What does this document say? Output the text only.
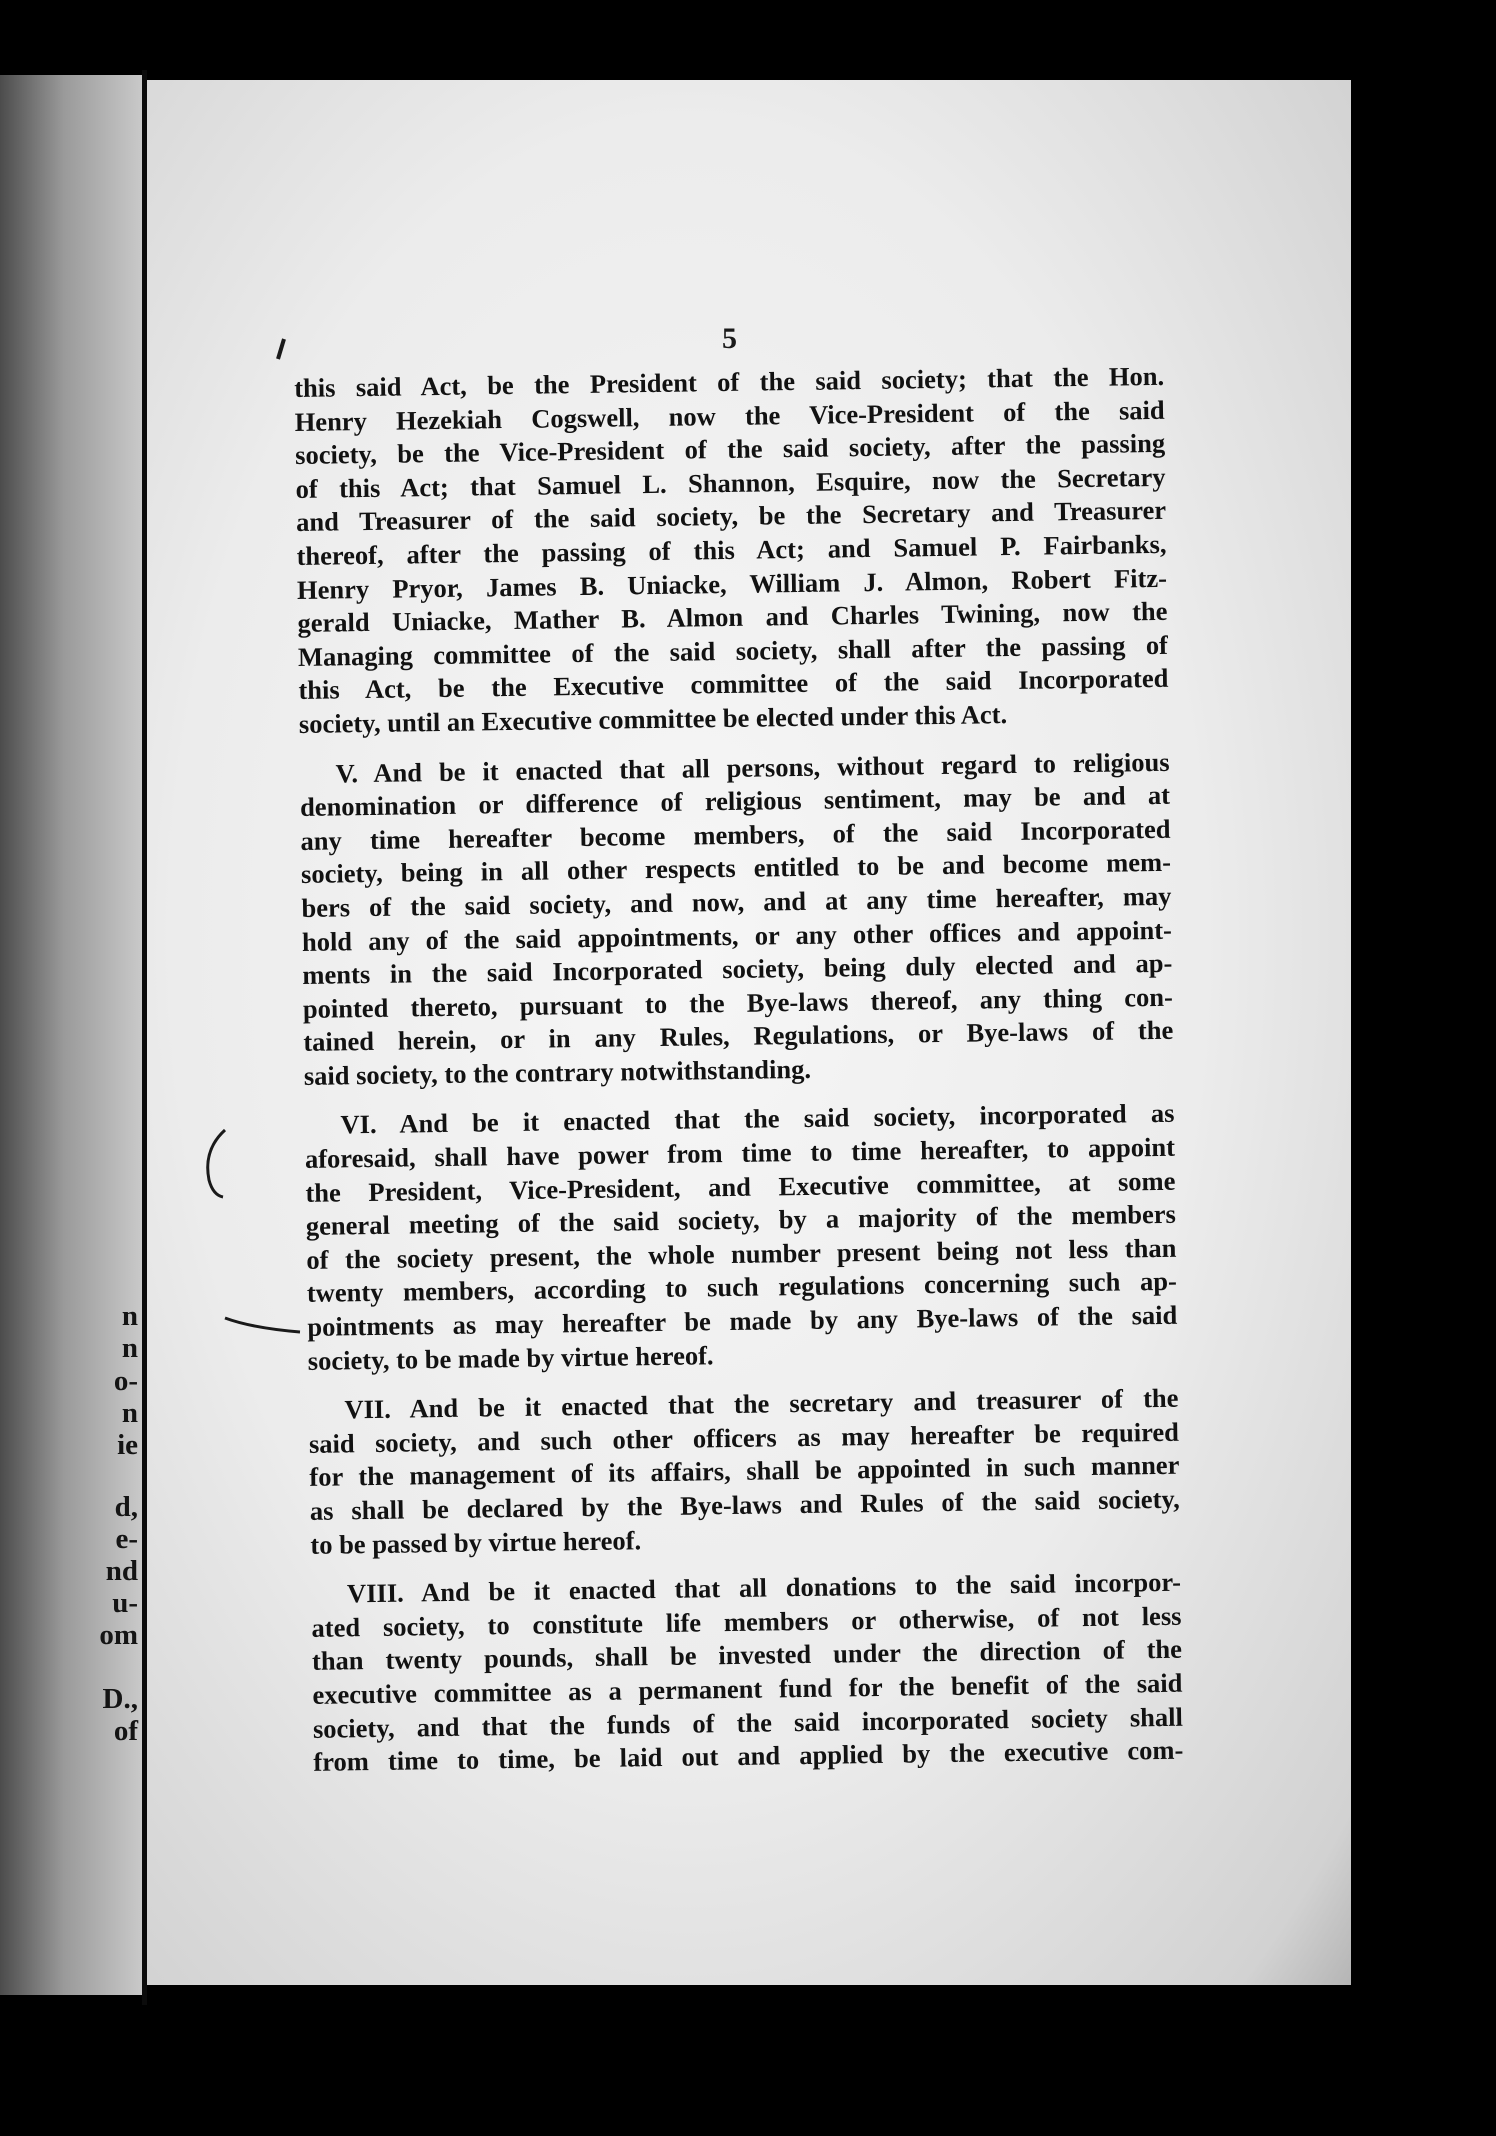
n
n
o-
n
ie
d,
e-
nd
u-
om
D.,
of
5
this said Act, be the President of the said society; that the Hon.
Henry Hezekiah Cogswell, now the Vice-President of the said
society, be the Vice-President of the said society, after the passing
of this Act; that Samuel L. Shannon, Esquire, now the Secretary
and Treasurer of the said society, be the Secretary and Treasurer
thereof, after the passing of this Act; and Samuel P. Fairbanks,
Henry Pryor, James B. Uniacke, William J. Almon, Robert Fitz-
gerald Uniacke, Mather B. Almon and Charles Twining, now the
Managing committee of the said society, shall after the passing of
this Act, be the Executive committee of the said Incorporated
society, until an Executive committee be elected under this Act.
V. And be it enacted that all persons, without regard to religious
denomination or difference of religious sentiment, may be and at
any time hereafter become members, of the said Incorporated
society, being in all other respects entitled to be and become mem-
bers of the said society, and now, and at any time hereafter, may
hold any of the said appointments, or any other offices and appoint-
ments in the said Incorporated society, being duly elected and ap-
pointed thereto, pursuant to the Bye-laws thereof, any thing con-
tained herein, or in any Rules, Regulations, or Bye-laws of the
said society, to the contrary notwithstanding.
VI. And be it enacted that the said society, incorporated as
aforesaid, shall have power from time to time hereafter, to appoint
the President, Vice-President, and Executive committee, at some
general meeting of the said society, by a majority of the members
of the society present, the whole number present being not less than
twenty members, according to such regulations concerning such ap-
pointments as may hereafter be made by any Bye-laws of the said
society, to be made by virtue hereof.
VII. And be it enacted that the secretary and treasurer of the
said society, and such other officers as may hereafter be required
for the management of its affairs, shall be appointed in such manner
as shall be declared by the Bye-laws and Rules of the said society,
to be passed by virtue hereof.
VIII. And be it enacted that all donations to the said incorpor-
ated society, to constitute life members or otherwise, of not less
than twenty pounds, shall be invested under the direction of the
executive committee as a permanent fund for the benefit of the said
society, and that the funds of the said incorporated society shall
from time to time, be laid out and applied by the executive com-
